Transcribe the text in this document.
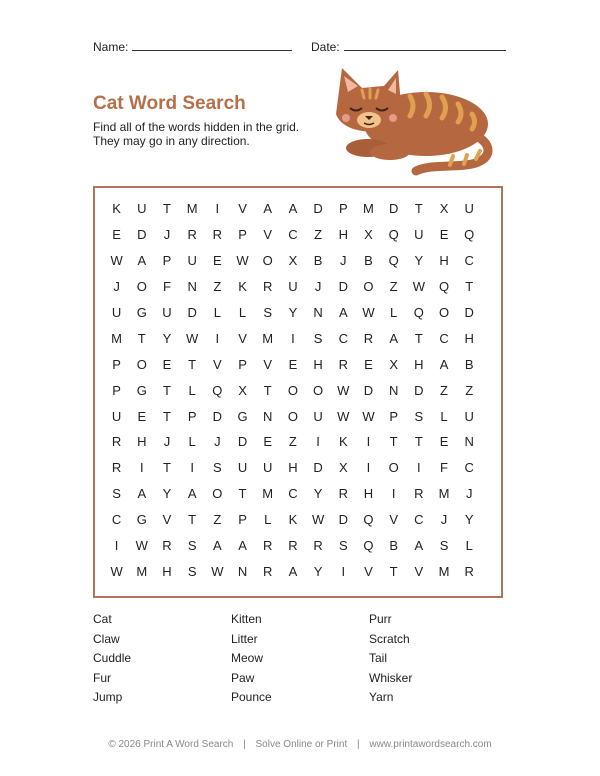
Name:	Date:
Cat Word Search
Find all of the words hidden in the grid.
They may go in any direction.
K	U	T	M	I	V	A	A	D	P	M	D	T	X	U
E	D	J	R	R	P	V	C	Z	H	X	Q	U	E	Q
W	A	P	U	E	W	O	X	B	J	B	Q	Y	H	C
J	O	F	N	Z	K	R	U	J	D	O	Z	W	Q	T
U	G	U	D	L	L	S	Y	N	A	W	L	Q	O	D
M	T	Y	W	I	V	M	I	S	C	R	A	T	C	H
P	O	E	T	V	P	V	E	H	R	E	X	H	A	B
P	G	T	L	Q	X	T	O	O	W	D	N	D	Z	Z
U	E	T	P	D	G	N	O	U	W W	P	S	L	U
R	H	J	L	J	D	E	Z	I	K	I	T	T	E	N
R	I	T	I	S	U	U	H	D	X	I	O	I	F	C
S	A	Y	A	O	T	M	C	Y	R	H	I	R	M	J
C	G	V	T	Z	P	L	K	W	D	Q	V	C	J	Y
I	W	R	S	A	A	R	R	R	S	Q	B	A	S	L
W	M	H	S	W	N	R	A	Y	I	V	T	V	M	R
Cat	Kitten	Purr
Claw	Litter	Scratch
Cuddle	Meow	Tail
Fur	Paw	Whisker
Jump	Pounce	Yarn
© 2026 Print A Word Search | Solve Online or Print | www.printawordsearch.com
